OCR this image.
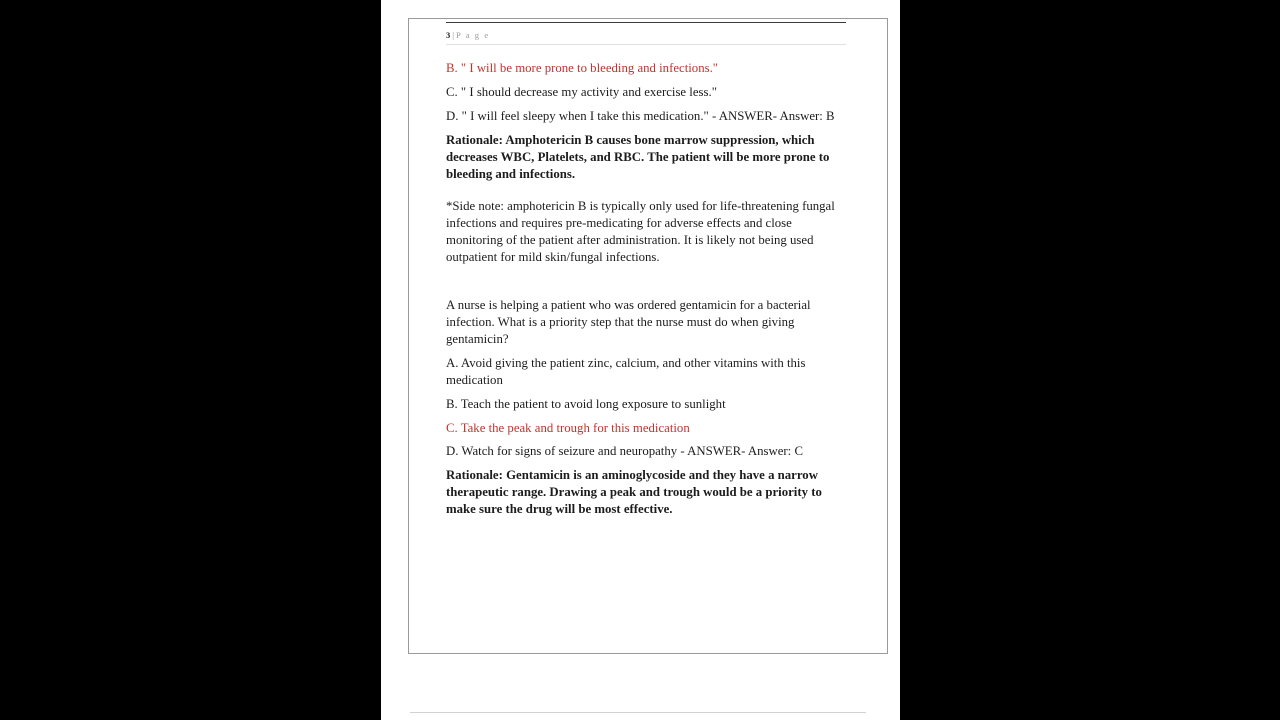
3 | P a g e

B. " I will be more prone to bleeding and infections."

C. " I should decrease my activity and exercise less."

D. " I will feel sleepy when I take this medication." - ANSWER- Answer: B

Rationale: Amphotericin B causes bone marrow suppression, which decreases WBC, Platelets, and RBC. The patient will be more prone to bleeding and infections.

*Side note: amphotericin B is typically only used for life-threatening fungal infections and requires pre-medicating for adverse effects and close monitoring of the patient after administration. It is likely not being used outpatient for mild skin/fungal infections.

A nurse is helping a patient who was ordered gentamicin for a bacterial infection. What is a priority step that the nurse must do when giving gentamicin?

A. Avoid giving the patient zinc, calcium, and other vitamins with this medication

B. Teach the patient to avoid long exposure to sunlight

C. Take the peak and trough for this medication

D. Watch for signs of seizure and neuropathy - ANSWER- Answer: C

Rationale: Gentamicin is an aminoglycoside and they have a narrow therapeutic range. Drawing a peak and trough would be a priority to make sure the drug will be most effective.
